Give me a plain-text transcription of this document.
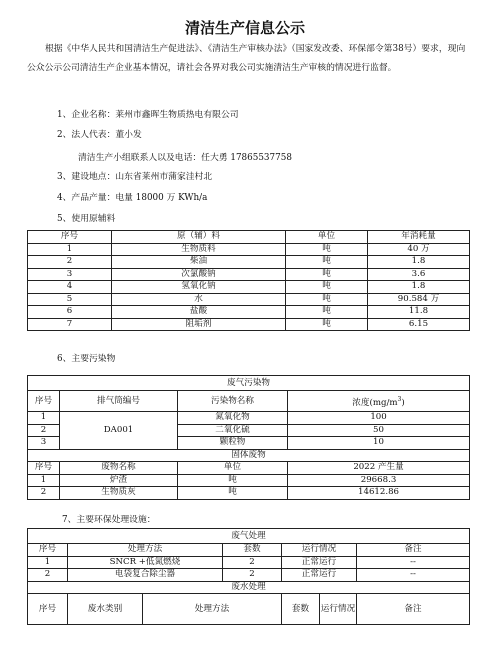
清洁生产信息公示
根据《中华人民共和国清洁生产促进法》、《清洁生产审核办法》（国家发改委、环保部令第38号）要求，现向公众公示公司清洁生产企业基本情况，请社会各界对我公司实施清洁生产审核的情况进行监督。
1、企业名称：莱州市鑫晖生物质热电有限公司
2、法人代表：董小发
清洁生产小组联系人以及电话：任大勇 17865537758
3、建设地点：山东省莱州市蒲家洼村北
4、产品产量：电量 18000 万 KWh/a
5、使用原辅料
序号	原（辅）料	单位	年消耗量
1	生物质料	吨	40 万
2	柴油	吨	1.8
3	次氯酸钠	吨	3.6
4	氢氧化钠	吨	1.8
5	水	吨	90.584 万
6	盐酸	吨	11.8
7	阻垢剂	吨	6.15
6、主要污染物
废气污染物			
序号	排气筒编号	污染物名称	浓度$(mg/m^3)$
1	DA001	氮氧化物	100
2		二氧化硫	50
3		颗粒物	10
固体废物			
序号	废物名称	单位	2022 产生量
1	炉渣	吨	29668.3
2	生物质灰	吨	14612.86
7、主要环保处理设施：
废气处理						
序号	处理方法		套数	运行情况		备注
1	SNCR +低氮燃烧		2	正常运行		--
2	电袋复合除尘器		2	正常运行		--
废水处理						
序号	废水类别	处理方法		套数	运行情况	备注
